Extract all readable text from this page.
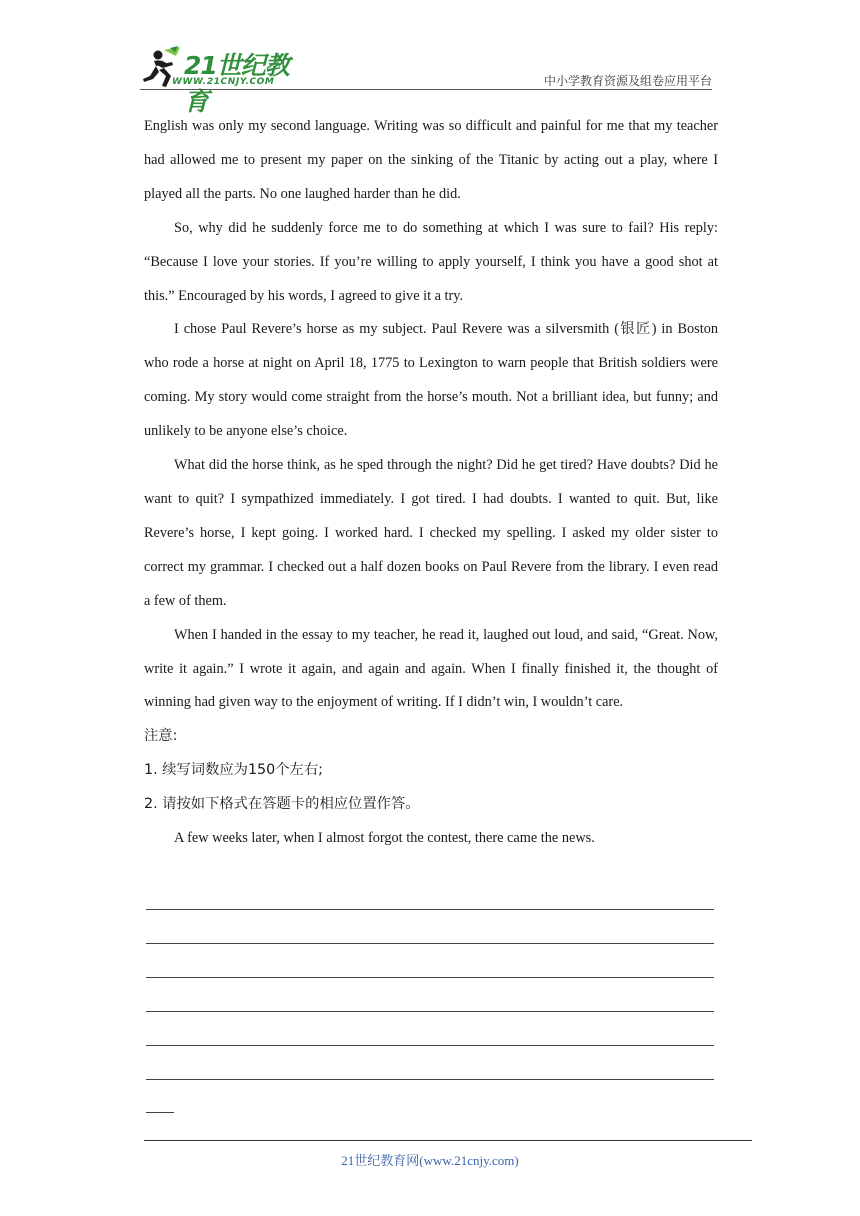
21世纪教育
WWW.21CNJY.COM	中小学教育资源及组卷应用平台

English was only my second language. Writing was so difficult and painful for me that my teacher had allowed me to present my paper on the sinking of the Titanic by acting out a play, where I played all the parts. No one laughed harder than he did.

So, why did he suddenly force me to do something at which I was sure to fail? His reply: “Because I love your stories. If you’re willing to apply yourself, I think you have a good shot at this.” Encouraged by his words, I agreed to give it a try.

I chose Paul Revere’s horse as my subject. Paul Revere was a silversmith (银匠) in Boston who rode a horse at night on April 18, 1775 to Lexington to warn people that British soldiers were coming. My story would come straight from the horse’s mouth. Not a brilliant idea, but funny; and unlikely to be anyone else’s choice.

What did the horse think, as he sped through the night? Did he get tired? Have doubts? Did he want to quit? I sympathized immediately. I got tired. I had doubts. I wanted to quit. But, like Revere’s horse, I kept going. I worked hard. I checked my spelling. I asked my older sister to correct my grammar. I checked out a half dozen books on Paul Revere from the library. I even read a few of them.

When I handed in the essay to my teacher, he read it, laughed out loud, and said, “Great. Now, write it again.” I wrote it again, and again and again. When I finally finished it, the thought of winning had given way to the enjoyment of writing. If I didn’t win, I wouldn’t care.

注意:

1. 续写词数应为150个左右;

2. 请按如下格式在答题卡的相应位置作答。

A few weeks later, when I almost forgot the contest, there came the news.

21世纪教育网(www.21cnjy.com)
